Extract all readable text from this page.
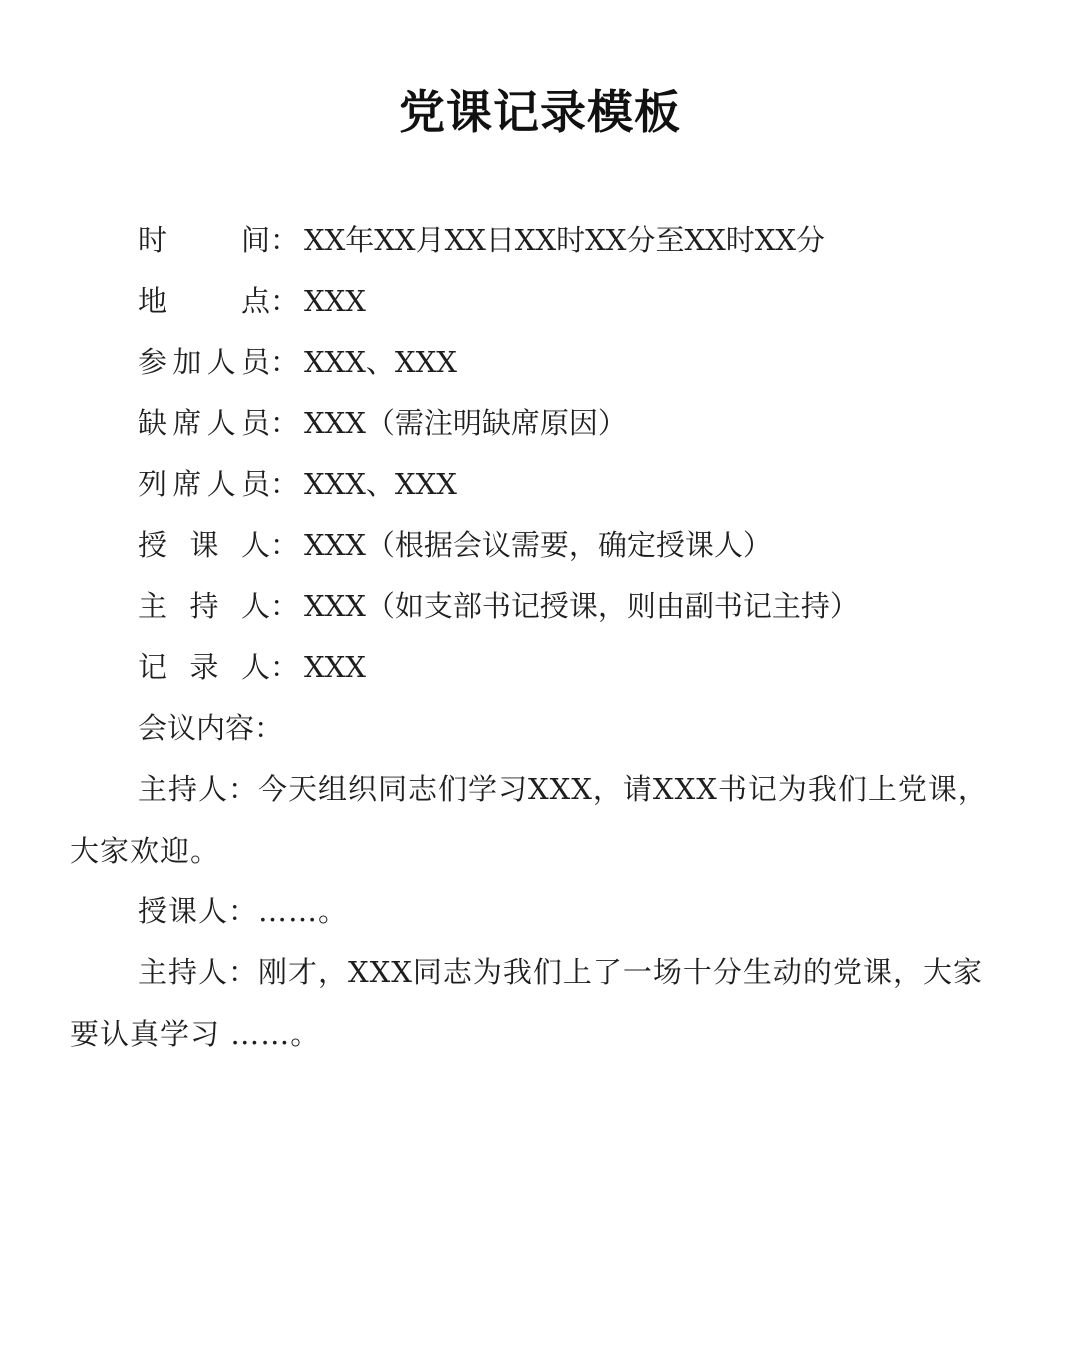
党课记录模板
时间 ： XX年XX月XX日XX时XX分至XX时XX分
地点 ： XXX
参加人员 ： XXX、XXX
缺席人员 ： XXX（需注明缺席原因）
列席人员 ： XXX、XXX
授课人 ： XXX（根据会议需要，确定授课人）
主持人 ： XXX（如支部书记授课，则由副书记主持）
记录人 ： XXX
会议内容：
主持人：今天组织同志们学习XXX，请XXX书记为我们上党课，大家欢迎。
授课人：……。
主持人：刚才，XXX同志为我们上了一场十分生动的党课，大家要认真学习 ……。
